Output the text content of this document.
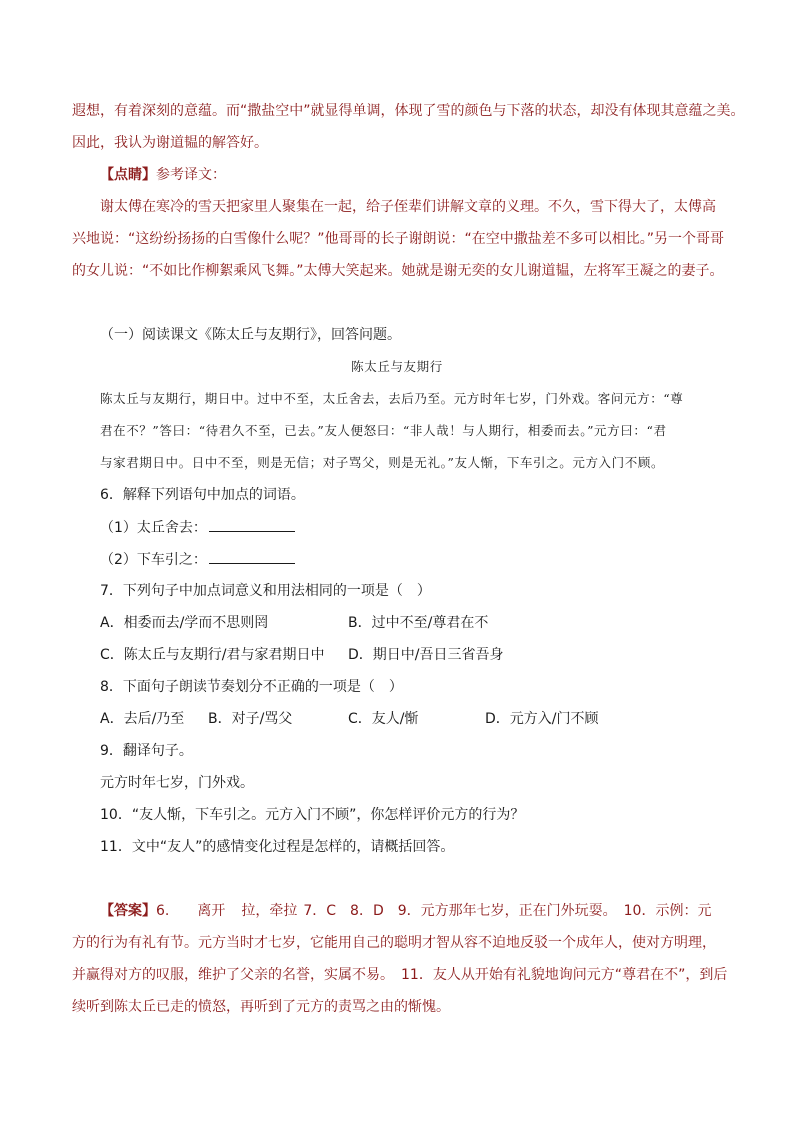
遐想，有着深刻的意蕴。而“撒盐空中”就显得单调，体现了雪的颜色与下落的状态，却没有体现其意蕴之美。
因此，我认为谢道韫的解答好。
【点睛】参考译文：
谢太傅在寒冷的雪天把家里人聚集在一起，给子侄辈们讲解文章的义理。不久，雪下得大了，太傅高
兴地说：“这纷纷扬扬的白雪像什么呢？”他哥哥的长子谢朗说：“在空中撒盐差不多可以相比。”另一个哥哥
的女儿说：“不如比作柳絮乘风飞舞。”太傅大笑起来。她就是谢无奕的女儿谢道韫，左将军王凝之的妻子。
（一）阅读课文《陈太丘与友期行》，回答问题。
陈太丘与友期行
陈太丘与友期行，期日中。过中不至，太丘舍去，去后乃至。元方时年七岁，门外戏。客问元方：“尊
君在不？”答曰：“待君久不至，已去。”友人便怒曰：“非人哉！与人期行，相委而去。”元方曰：“君
与家君期日中。日中不至，则是无信；对子骂父，则是无礼。”友人惭，下车引之。元方入门不顾。
6．解释下列语句中加点的词语。
（1）太丘舍去：
（2）下车引之：
7．下列句子中加点词意义和用法相同的一项是（　）
A．相委而去/学而不思则罔	B．过中不至/尊君在不
C．陈太丘与友期行/君与家君期日中	D．期日中/吾日三省吾身
8．下面句子朗读节奏划分不正确的一项是（　）
A．去后/乃至	B．对子/骂父	C．友人/惭	D．元方入/门不顾
9．翻译句子。
元方时年七岁，门外戏。
10．“友人惭，下车引之。元方入门不顾”，你怎样评价元方的行为？
11．文中“友人”的感情变化过程是怎样的，请概括回答。
【答案】6. 离开 拉，牵拉 7．C　8．D　9．元方那年七岁，正在门外玩耍。　10．示例：元
方的行为有礼有节。元方当时才七岁，它能用自己的聪明才智从容不迫地反驳一个成年人，使对方明理，
并赢得对方的叹服，维护了父亲的名誉，实属不易。　11．友人从开始有礼貌地询问元方“尊君在不”，到后
续听到陈太丘已走的愤怒，再听到了元方的责骂之由的惭愧。
